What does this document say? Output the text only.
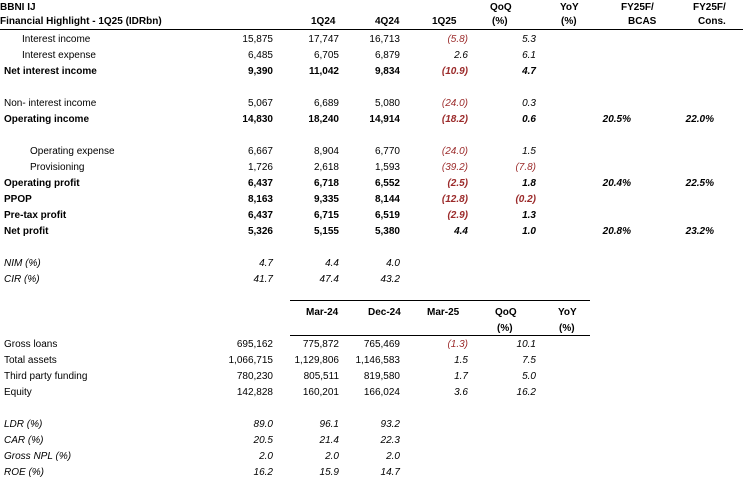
BBNI IJ	QoQ	YoY	FY25F/	FY25F/
Financial Highlight - 1Q25 (IDRbn)	1Q24	4Q24	1Q25	(%)	(%)	BCAS	Cons.
Interest income	15,875	17,747	16,713	(5.8)	5.3
Interest expense	6,485	6,705	6,879	2.6	6.1
Net interest income	9,390	11,042	9,834	(10.9)	4.7
Non- interest income	5,067	6,689	5,080	(24.0)	0.3
Operating income	14,830	18,240	14,914	(18.2)	0.6	20.5%	22.0%
Operating expense	6,667	8,904	6,770	(24.0)	1.5
Provisioning	1,726	2,618	1,593	(39.2)	(7.8)
Operating profit	6,437	6,718	6,552	(2.5)	1.8	20.4%	22.5%
PPOP	8,163	9,335	8,144	(12.8)	(0.2)
Pre-tax profit	6,437	6,715	6,519	(2.9)	1.3
Net profit	5,326	5,155	5,380	4.4	1.0	20.8%	23.2%
NIM (%)	4.7	4.4	4.0
CIR (%)	41.7	47.4	43.2
Mar-24	Dec-24	Mar-25	QoQ	YoY
(%)	(%)
Gross loans	695,162	775,872 765,469	(1.3)	10.1
Total assets	1,066,715 1,129,806 1,146,583	1.5	7.5
Third party funding	780,230	805,511 819,580	1.7	5.0
Equity	142,828	160,201 166,024	3.6	16.2
LDR (%)	89.0	96.1	93.2
CAR (%)	20.5	21.4	22.3
Gross NPL (%)	2.0	2.0	2.0
ROE (%)	16.2	15.9	14.7
